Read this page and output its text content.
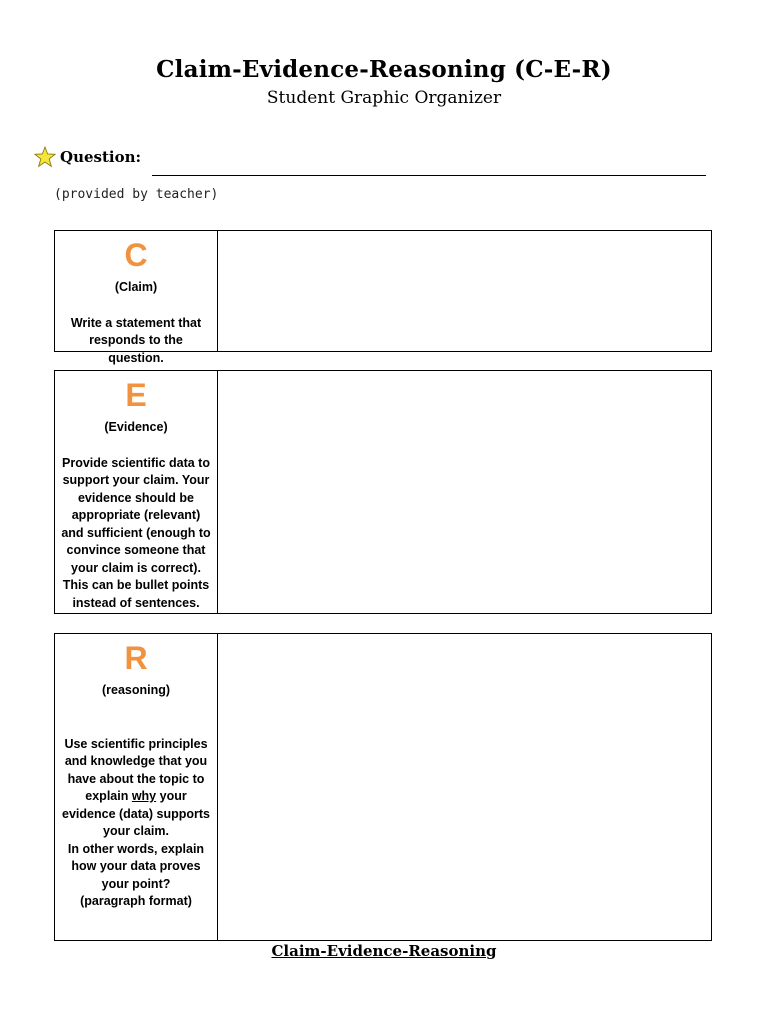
Claim-Evidence-Reasoning (C-E-R)
Student Graphic Organizer
Question:
(provided by teacher)
C
(Claim)
Write a statement that responds to the question.
E
(Evidence)
Provide scientific data to support your claim. Your evidence should be appropriate (relevant) and sufficient (enough to convince someone that your claim is correct). This can be bullet points instead of sentences.
R
(reasoning)
Use scientific principles and knowledge that you have about the topic to explain why your evidence (data) supports your claim.
In other words, explain how your data proves your point?
(paragraph format)
Claim-Evidence-Reasoning
